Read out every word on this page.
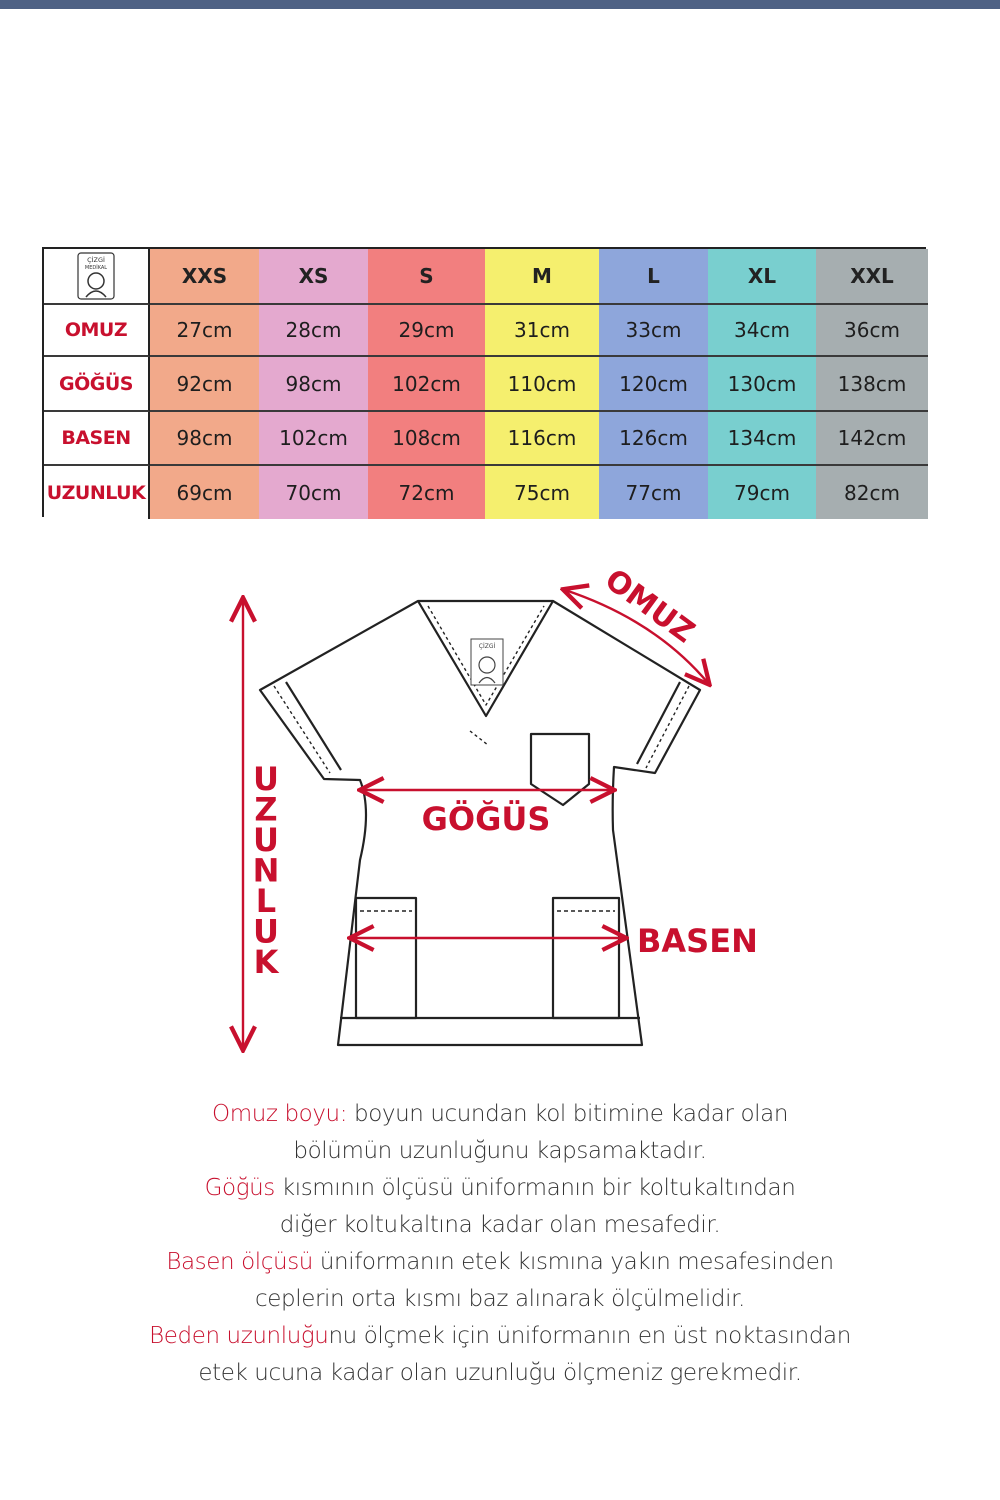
ÇİZGİ
MEDİKAL	XXS	XS	S	M	L	XL	XXL
OMUZ	27cm	28cm	29cm	31cm	33cm	34cm	36cm
GÖĞÜS	92cm	98cm	102cm	110cm	120cm	130cm	138cm
BASEN	98cm	102cm	108cm	116cm	126cm	134cm	142cm
UZUNLUK	69cm	70cm	72cm	75cm	77cm	79cm	82cm
ÇİZGİ	OMUZ
GÖĞÜS
BASEN
U
Z
U
N
L
U
K

Omuz boyu: boyun ucundan kol bitimine kadar olan

bölümün uzunluğunu kapsamaktadır.

Göğüs kısmının ölçüsü üniformanın bir koltukaltından

diğer koltukaltına kadar olan mesafedir.

Basen ölçüsü üniformanın etek kısmına yakın mesafesinden

ceplerin orta kısmı baz alınarak ölçülmelidir.

Beden uzunluğunu ölçmek için üniformanın en üst noktasından

etek ucuna kadar olan uzunluğu ölçmeniz gerekmedir.
